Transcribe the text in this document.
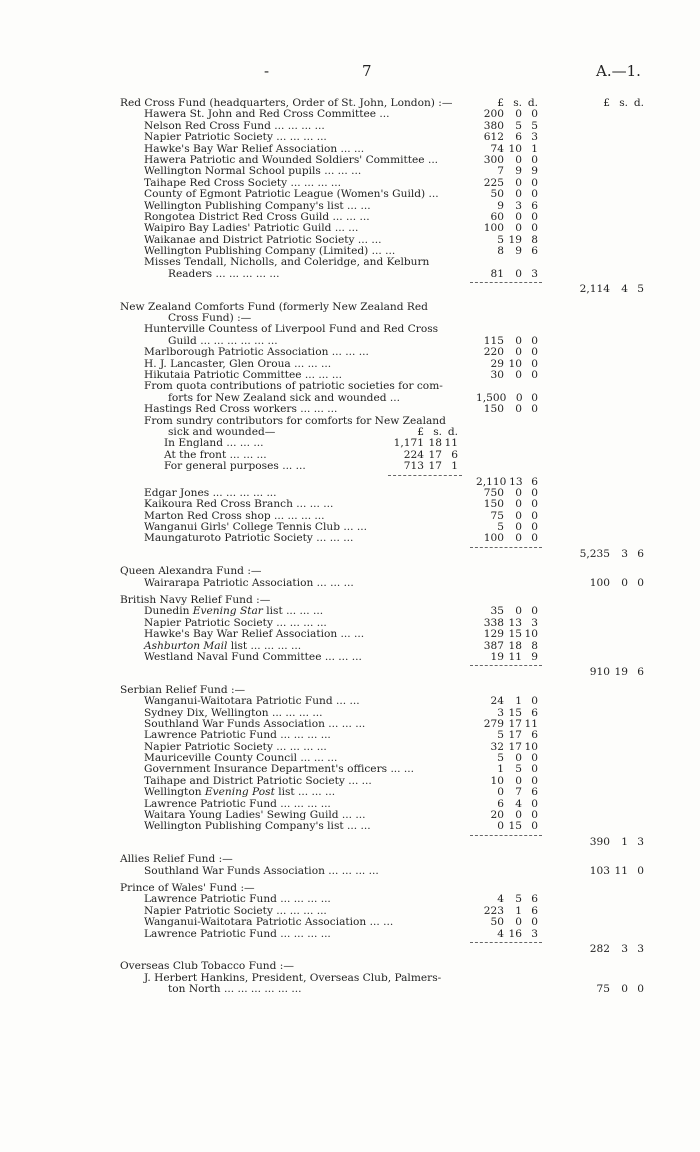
-	7	A.—1.
Red Cross Fund (headquarters, Order of St. John, London) :—	£ s. d.	£ s. d.
Hawera St. John and Red Cross Committee ...	200	0 0
Nelson Red Cross Fund ... ... ... ...	380	5 5
Napier Patriotic Society ... ... ... ...	612	6 3
Hawke's Bay War Relief Association ... ...	74 10 1
Hawera Patriotic and Wounded Soldiers' Committee ...	300	0 0
Wellington Normal School pupils ... ... ...	7	9 9
Taihape Red Cross Society ... ... ... ...	225	0 0
County of Egmont Patriotic League (Women's Guild) ...	50	0 0
Wellington Publishing Company's list ... ...	9	3 6
Rongotea District Red Cross Guild ... ... ...	60	0 0
Waipiro Bay Ladies' Patriotic Guild ... ...	100	0 0
Waikanae and District Patriotic Society ... ...	5 19 8
Wellington Publishing Company (Limited) ... ...	8	9 6
Misses Tendall, Nicholls, and Coleridge, and Kelburn
Readers ... ... ... ... ...	81	0 3
2,114	4 5
New Zealand Comforts Fund (formerly New Zealand Red
Cross Fund) :—
Hunterville Countess of Liverpool Fund and Red Cross
Guild ... ... ... ... ... ...	115	0 0
Marlborough Patriotic Association ... ... ...	220	0 0
H. J. Lancaster, Glen Oroua ... ... ...	29 10 0
Hikutaia Patriotic Committee ... ... ...	30	0 0
From quota contributions of patriotic societies for com-
forts for New Zealand sick and wounded ...	1,500 0 0
Hastings Red Cross workers ... ... ...	150	0 0
From sundry contributors for comforts for New Zealand
sick and wounded—	£ s. d.
In England ... ... ...	1,171 18 11
At the front ... ... ...	224 17 6
For general purposes ... ...	713 17 1
2,110 13 6
Edgar Jones ... ... ... ... ...	750	0 0
Kaikoura Red Cross Branch ... ... ...	150	0 0
Marton Red Cross shop ... ... ... ...	75	0 0
Wanganui Girls' College Tennis Club ... ...	5	0 0
Maungaturoto Patriotic Society ... ... ...	100	0 0
5,235	3 6
Queen Alexandra Fund :—
Wairarapa Patriotic Association ... ... ...	100	0 0
British Navy Relief Fund :—
Dunedin Evening Star list ... ... ...	35	0 0
Napier Patriotic Society ... ... ... ...	338 13 3
Hawke's Bay War Relief Association ... ...	129 15 10
Ashburton Mail list ... ... ... ...	387 18 8
Westland Naval Fund Committee ... ... ...	19 11 9
910 19 6
Serbian Relief Fund :—
Wanganui-Waitotara Patriotic Fund ... ...	24	1 0
Sydney Dix, Wellington ... ... ... ...	3 15 6
Southland War Funds Association ... ... ...	279 17 11
Lawrence Patriotic Fund ... ... ... ...	5 17 6
Napier Patriotic Society ... ... ... ...	32 17 10
Mauriceville County Council ... ... ...	5	0 0
Government Insurance Department's officers ... ...	1	5 0
Taihape and District Patriotic Society ... ...	10	0 0
Wellington Evening Post list ... ... ...	0	7 6
Lawrence Patriotic Fund ... ... ... ...	6	4 0
Waitara Young Ladies' Sewing Guild ... ...	20	0 0
Wellington Publishing Company's list ... ...	0 15 0
390	1 3
Allies Relief Fund :—
Southland War Funds Association ... ... ... ...	103 11 0
Prince of Wales' Fund :—
Lawrence Patriotic Fund ... ... ... ...	4	5 6
Napier Patriotic Society ... ... ... ...	223	1 6
Wanganui-Waitotara Patriotic Association ... ...	50	0 0
Lawrence Patriotic Fund ... ... ... ...	4 16 3
282	3 3
Overseas Club Tobacco Fund :—
J. Herbert Hankins, President, Overseas Club, Palmers-
ton North ... ... ... ... ... ...	75	0 0
